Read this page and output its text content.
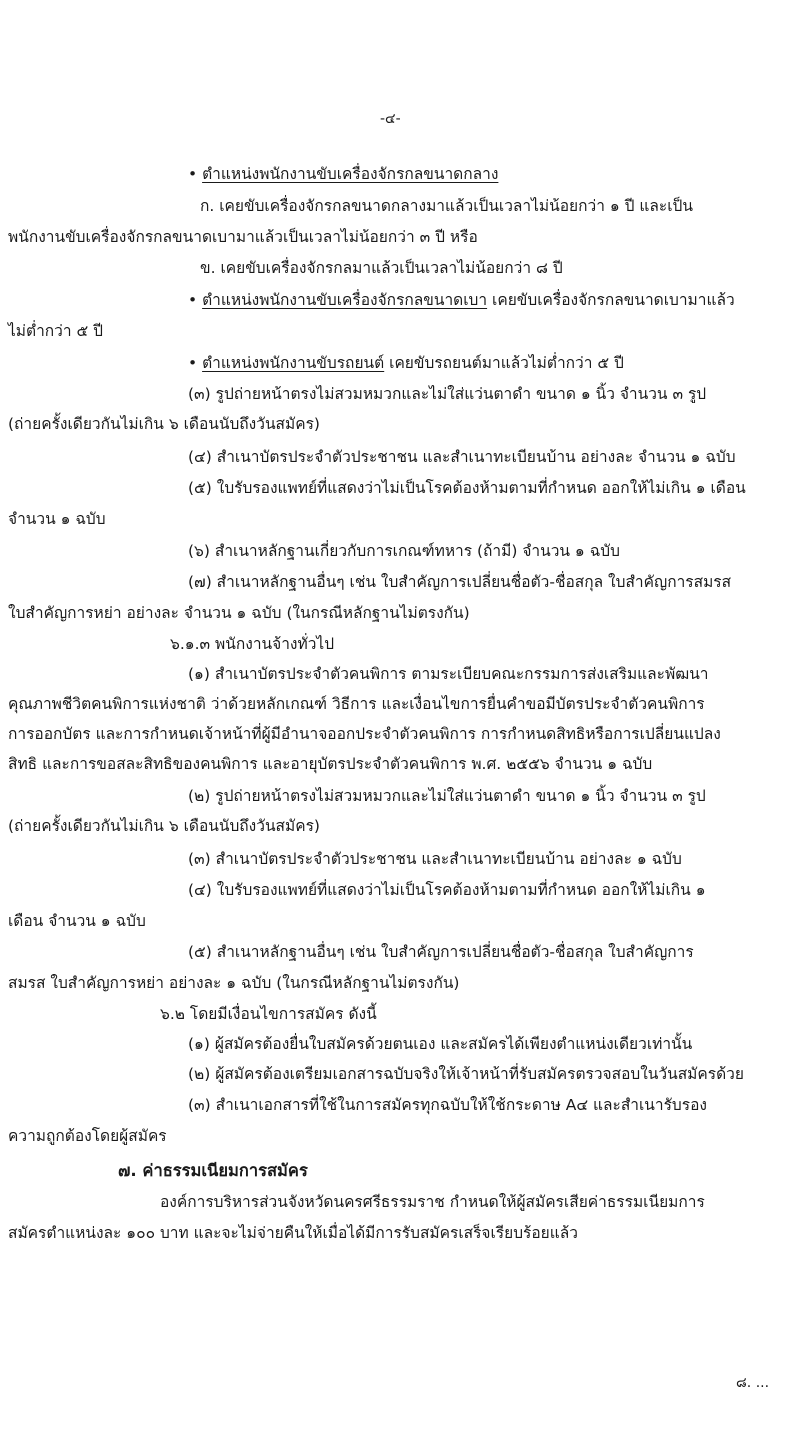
-๔-
• ตำแหน่งพนักงานขับเครื่องจักรกลขนาดกลาง
ก. เคยขับเครื่องจักรกลขนาดกลางมาแล้วเป็นเวลาไม่น้อยกว่า ๑ ปี และเป็น
พนักงานขับเครื่องจักรกลขนาดเบามาแล้วเป็นเวลาไม่น้อยกว่า ๓ ปี หรือ
ข. เคยขับเครื่องจักรกลมาแล้วเป็นเวลาไม่น้อยกว่า ๘ ปี
• ตำแหน่งพนักงานขับเครื่องจักรกลขนาดเบา เคยขับเครื่องจักรกลขนาดเบามาแล้ว
ไม่ต่ำกว่า ๕ ปี
• ตำแหน่งพนักงานขับรถยนต์ เคยขับรถยนต์มาแล้วไม่ต่ำกว่า ๕ ปี
(๓) รูปถ่ายหน้าตรงไม่สวมหมวกและไม่ใส่แว่นตาดำ ขนาด ๑ นิ้ว จำนวน ๓ รูป
(ถ่ายครั้งเดียวกันไม่เกิน ๖ เดือนนับถึงวันสมัคร)
(๔) สำเนาบัตรประจำตัวประชาชน และสำเนาทะเบียนบ้าน อย่างละ จำนวน ๑ ฉบับ
(๕) ใบรับรองแพทย์ที่แสดงว่าไม่เป็นโรคต้องห้ามตามที่กำหนด ออกให้ไม่เกิน ๑ เดือน
จำนวน ๑ ฉบับ
(๖) สำเนาหลักฐานเกี่ยวกับการเกณฑ์ทหาร (ถ้ามี) จำนวน ๑ ฉบับ
(๗) สำเนาหลักฐานอื่นๆ เช่น ใบสำคัญการเปลี่ยนชื่อตัว-ชื่อสกุล ใบสำคัญการสมรส
ใบสำคัญการหย่า อย่างละ จำนวน ๑ ฉบับ (ในกรณีหลักฐานไม่ตรงกัน)
๖.๑.๓ พนักงานจ้างทั่วไป
(๑) สำเนาบัตรประจำตัวคนพิการ ตามระเบียบคณะกรรมการส่งเสริมและพัฒนา
คุณภาพชีวิตคนพิการแห่งชาติ ว่าด้วยหลักเกณฑ์ วิธีการ และเงื่อนไขการยื่นคำขอมีบัตรประจำตัวคนพิการ
การออกบัตร และการกำหนดเจ้าหน้าที่ผู้มีอำนาจออกประจำตัวคนพิการ การกำหนดสิทธิหรือการเปลี่ยนแปลง
สิทธิ และการขอสละสิทธิของคนพิการ และอายุบัตรประจำตัวคนพิการ พ.ศ. ๒๕๕๖ จำนวน ๑ ฉบับ
(๒) รูปถ่ายหน้าตรงไม่สวมหมวกและไม่ใส่แว่นตาดำ ขนาด ๑ นิ้ว จำนวน ๓ รูป
(ถ่ายครั้งเดียวกันไม่เกิน ๖ เดือนนับถึงวันสมัคร)
(๓) สำเนาบัตรประจำตัวประชาชน และสำเนาทะเบียนบ้าน อย่างละ ๑ ฉบับ
(๔) ใบรับรองแพทย์ที่แสดงว่าไม่เป็นโรคต้องห้ามตามที่กำหนด ออกให้ไม่เกิน ๑
เดือน จำนวน ๑ ฉบับ
(๕) สำเนาหลักฐานอื่นๆ เช่น ใบสำคัญการเปลี่ยนชื่อตัว-ชื่อสกุล ใบสำคัญการ
สมรส ใบสำคัญการหย่า อย่างละ ๑ ฉบับ (ในกรณีหลักฐานไม่ตรงกัน)
๖.๒ โดยมีเงื่อนไขการสมัคร ดังนี้
(๑) ผู้สมัครต้องยื่นใบสมัครด้วยตนเอง และสมัครได้เพียงตำแหน่งเดียวเท่านั้น
(๒) ผู้สมัครต้องเตรียมเอกสารฉบับจริงให้เจ้าหน้าที่รับสมัครตรวจสอบในวันสมัครด้วย
(๓) สำเนาเอกสารที่ใช้ในการสมัครทุกฉบับให้ใช้กระดาษ A๔ และสำเนารับรอง
ความถูกต้องโดยผู้สมัคร
๗. ค่าธรรมเนียมการสมัคร
องค์การบริหารส่วนจังหวัดนครศรีธรรมราช กำหนดให้ผู้สมัครเสียค่าธรรมเนียมการ
สมัครตำแหน่งละ ๑๐๐ บาท และจะไม่จ่ายคืนให้เมื่อได้มีการรับสมัครเสร็จเรียบร้อยแล้ว
๘. ...
